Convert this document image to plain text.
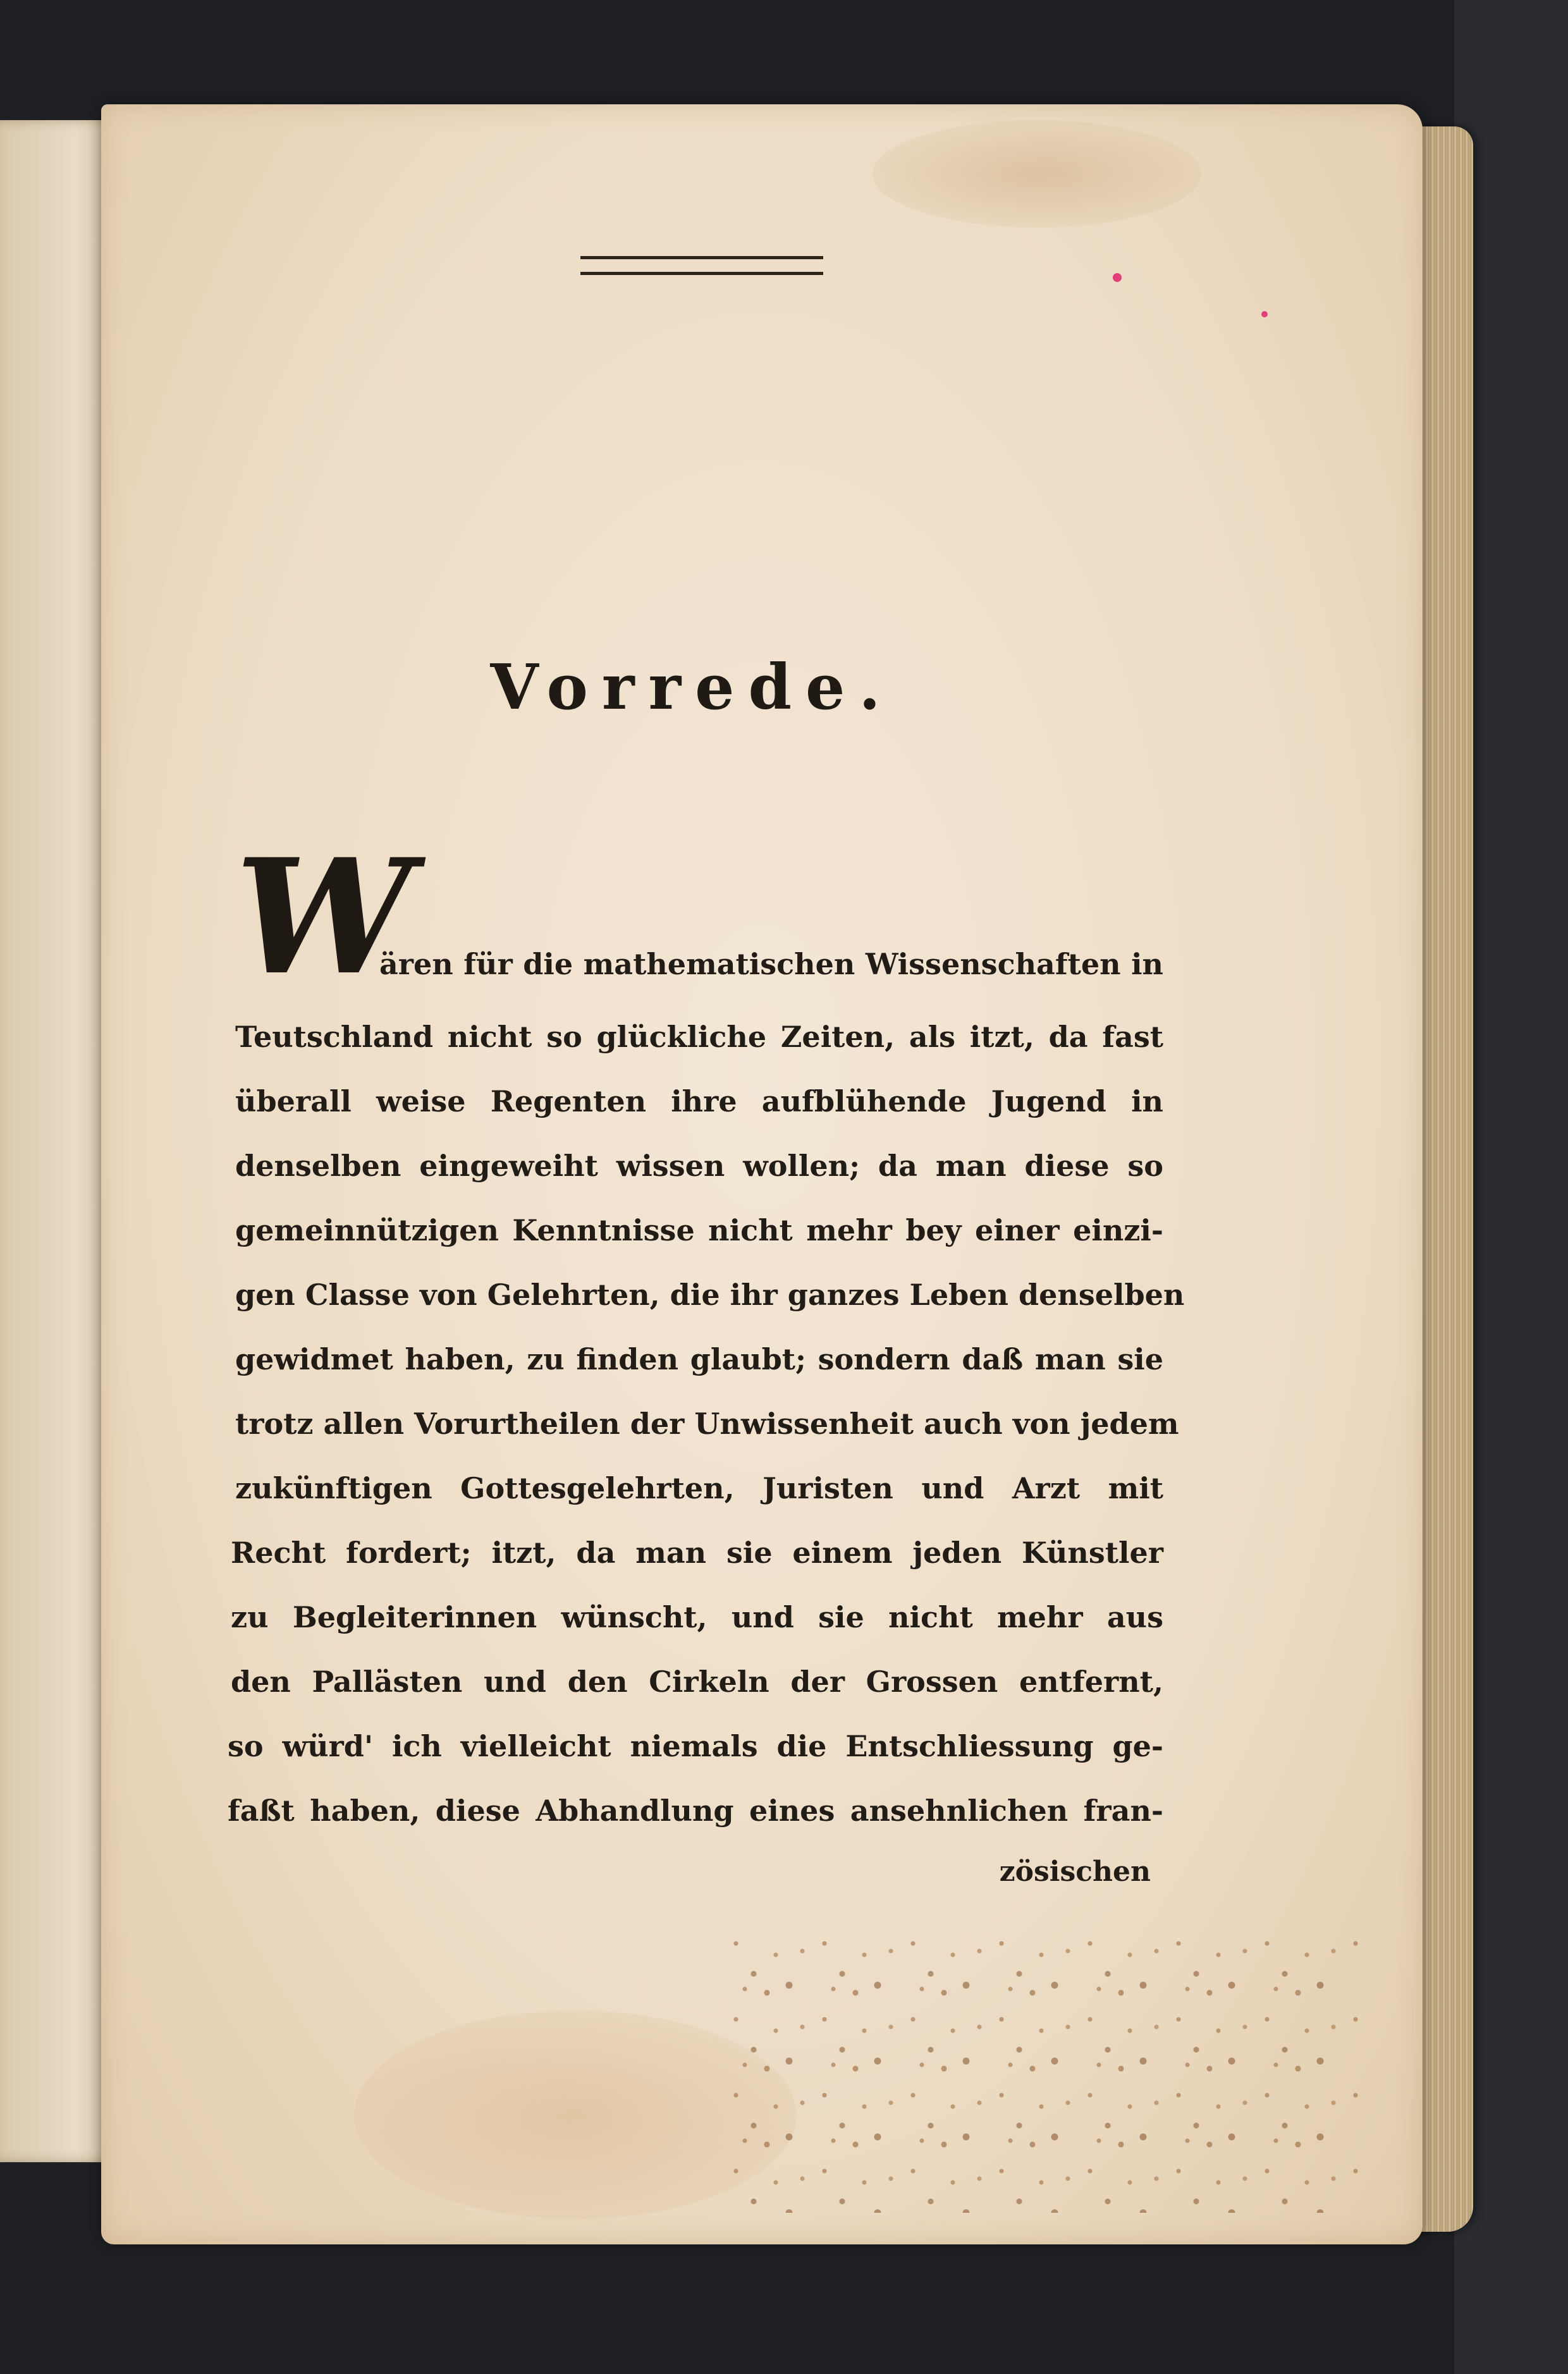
Vorrede.
W

ären für die mathematischen Wissenschaften in

Teutschland nicht so glückliche Zeiten, als itzt, da fast

überall weise Regenten ihre aufblühende Jugend in

denselben eingeweiht wissen wollen; da man diese so

gemeinnützigen Kenntnisse nicht mehr bey einer einzi-

gen Classe von Gelehrten, die ihr ganzes Leben denselben

gewidmet haben, zu finden glaubt; sondern daß man sie

trotz allen Vorurtheilen der Unwissenheit auch von jedem

zukünftigen Gottesgelehrten, Juristen und Arzt mit

Recht fordert; itzt, da man sie einem jeden Künstler

zu Begleiterinnen wünscht, und sie nicht mehr aus

den Pallästen und den Cirkeln der Grossen entfernt,

so würd' ich vielleicht niemals die Entschliessung ge-

faßt haben, diese Abhandlung eines ansehnlichen fran-

zösischen
